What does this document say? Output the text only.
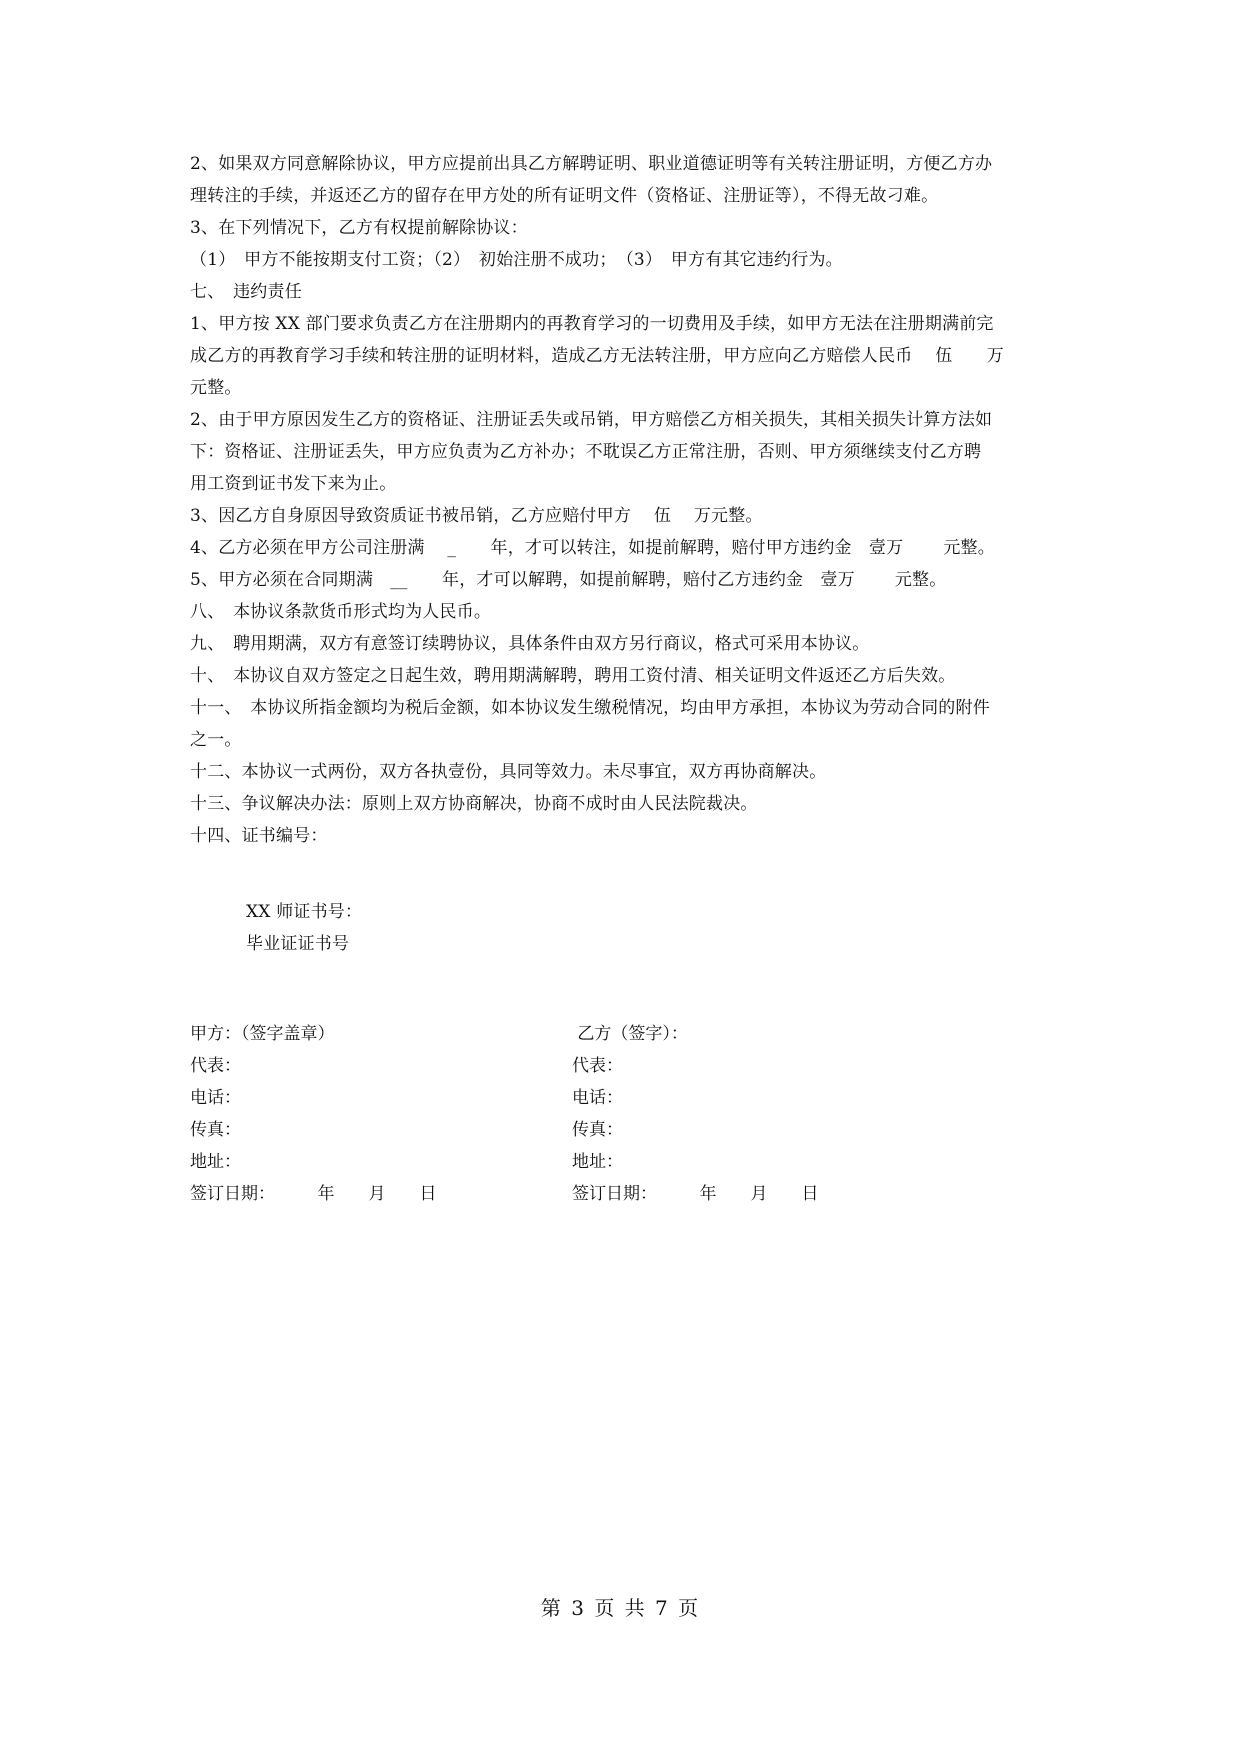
2、如果双方同意解除协议，甲方应提前出具乙方解聘证明、职业道德证明等有关转注册证明，方便乙方办
理转注的手续，并返还乙方的留存在甲方处的所有证明文件（资格证、注册证等），不得无故刁难。
3、在下列情况下，乙方有权提前解除协议：
（1）　甲方不能按期支付工资；（2）　初始注册不成功；　（3）　甲方有其它违约行为。
七、　违约责任
1、甲方按 XX 部门要求负责乙方在注册期内的再教育学习的一切费用及手续，如甲方无法在注册期满前完
成乙方的再教育学习手续和转注册的证明材料，造成乙方无法转注册，甲方应向乙方赔偿人民币　 伍　　万
元整。
2、由于甲方原因发生乙方的资格证、注册证丢失或吊销，甲方赔偿乙方相关损失，其相关损失计算方法如
下：资格证、注册证丢失，甲方应负责为乙方补办；不耽误乙方正常注册，否则、甲方须继续支付乙方聘
用工资到证书发下来为止。
3、因乙方自身原因导致资质证书被吊销，乙方应赔付甲方　 伍　 万元整。
4、乙方必须在甲方公司注册满　 _　　年，才可以转注，如提前解聘，赔付甲方违约金　壹万　　 元整。
5、甲方必须在合同期满　__　　年，才可以解聘，如提前解聘，赔付乙方违约金　壹万　　 元整。
八、　本协议条款货币形式均为人民币。
九、　聘用期满，双方有意签订续聘协议，具体条件由双方另行商议，格式可采用本协议。
十、　本协议自双方签定之日起生效，聘用期满解聘，聘用工资付清、相关证明文件返还乙方后失效。
十一、　本协议所指金额均为税后金额，如本协议发生缴税情况，均由甲方承担，本协议为劳动合同的附件
之一。
十二、本协议一式两份，双方各执壹份，具同等效力。未尽事宜，双方再协商解决。
十三、争议解决办法：原则上双方协商解决，协商不成时由人民法院裁决。
十四、证书编号：
XX 师证书号：
毕业证证书号
甲方：（签字盖章）	乙方（签字）：
代表：	代表：
电话：	电话：
传真：	传真：
地址：	地址：
签订日期：　　　年　　月　　日	签订日期：　　　年　　月　　日
第 3 页 共 7 页
